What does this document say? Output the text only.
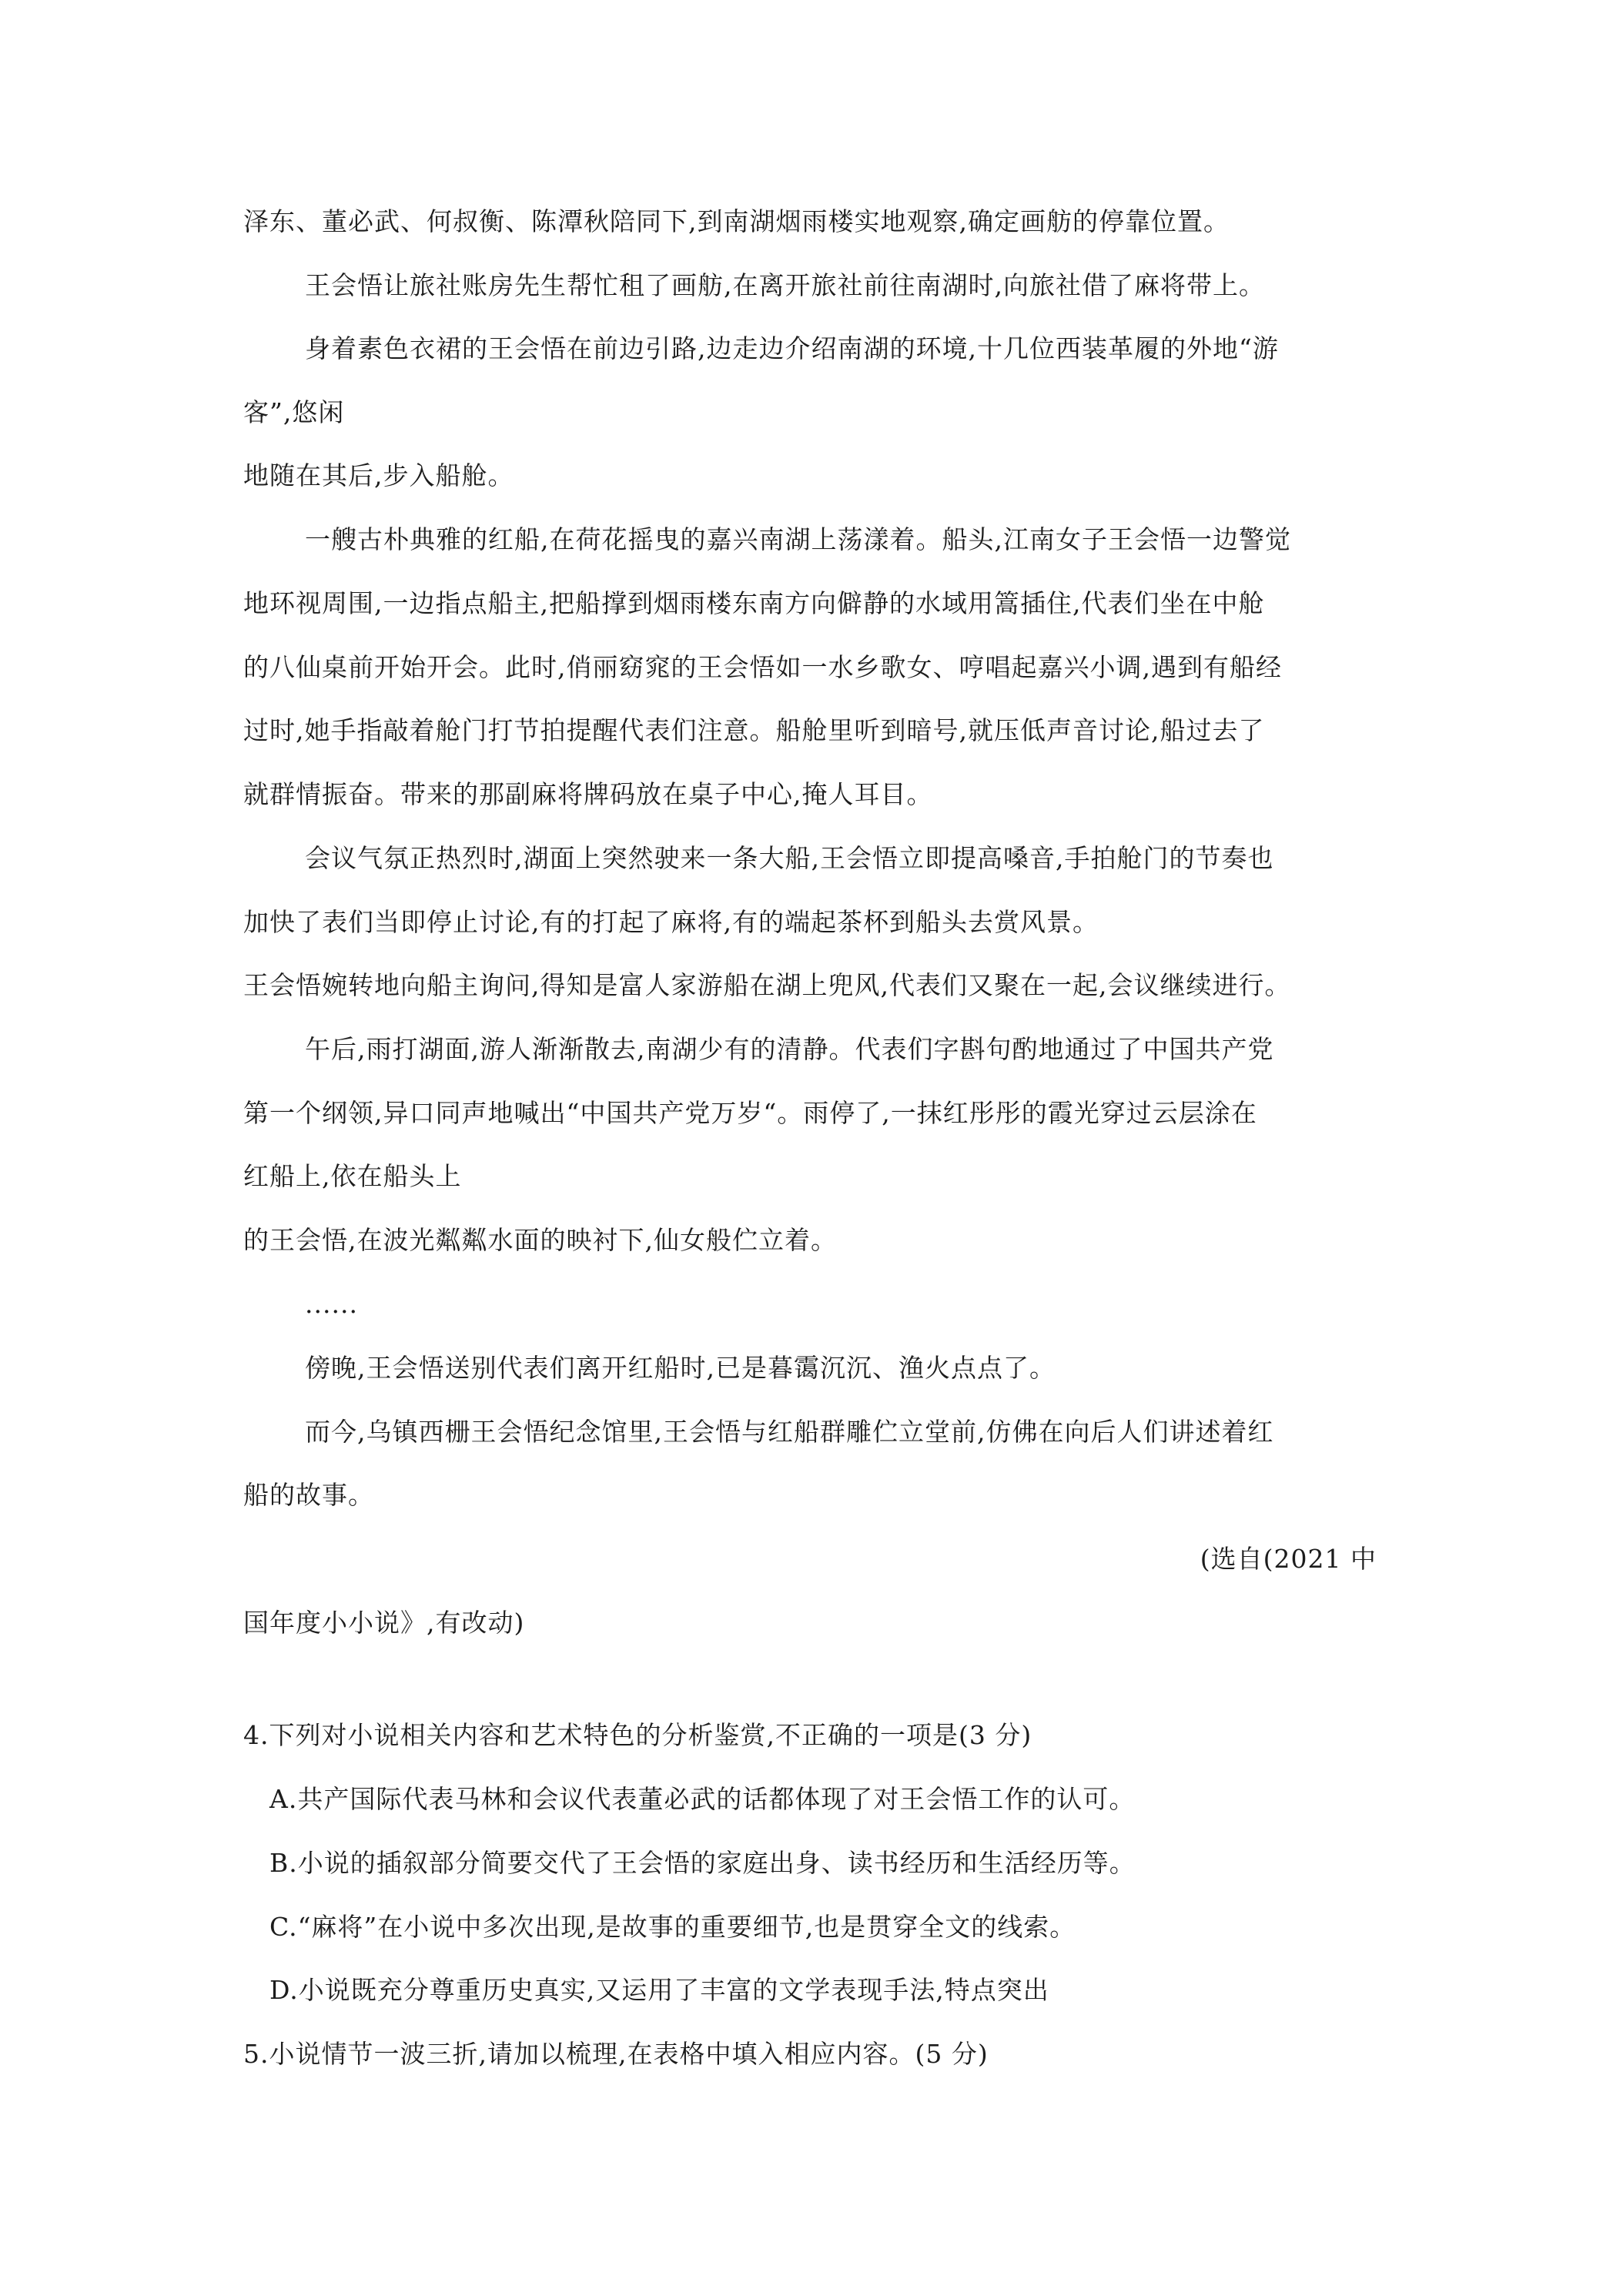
泽东、董必武、何叔衡、陈潭秋陪同下,到南湖烟雨楼实地观察,确定画舫的停靠位置。
王会悟让旅社账房先生帮忙租了画舫,在离开旅社前往南湖时,向旅社借了麻将带上。
身着素色衣裙的王会悟在前边引路,边走边介绍南湖的环境,十几位西装革履的外地“游
客”,悠闲
地随在其后,步入船舱。
一艘古朴典雅的红船,在荷花摇曳的嘉兴南湖上荡漾着。船头,江南女子王会悟一边警觉
地环视周围,一边指点船主,把船撑到烟雨楼东南方向僻静的水域用篙插住,代表们坐在中舱
的八仙桌前开始开会。此时,俏丽窈窕的王会悟如一水乡歌女、哼唱起嘉兴小调,遇到有船经
过时,她手指敲着舱门打节拍提醒代表们注意。船舱里听到暗号,就压低声音讨论,船过去了
就群情振奋。带来的那副麻将牌码放在桌子中心,掩人耳目。
会议气氛正热烈时,湖面上突然驶来一条大船,王会悟立即提高嗓音,手拍舱门的节奏也
加快了表们当即停止讨论,有的打起了麻将,有的端起茶杯到船头去赏风景。
王会悟婉转地向船主询问,得知是富人家游船在湖上兜风,代表们又聚在一起,会议继续进行。
午后,雨打湖面,游人渐渐散去,南湖少有的清静。代表们字斟句酌地通过了中国共产党
第一个纲领,异口同声地喊出“中国共产党万岁“。雨停了,一抹红彤彤的霞光穿过云层涂在
红船上,依在船头上
的王会悟,在波光粼粼水面的映衬下,仙女般伫立着。
......
傍晚,王会悟送别代表们离开红船时,已是暮霭沉沉、渔火点点了。
而今,乌镇西栅王会悟纪念馆里,王会悟与红船群雕伫立堂前,仿佛在向后人们讲述着红
船的故事。
(选自(2021 中
国年度小小说》,有改动)
4.下列对小说相关内容和艺术特色的分析鉴赏,不正确的一项是(3 分)
A.共产国际代表马林和会议代表董必武的话都体现了对王会悟工作的认可。
B.小说的插叙部分简要交代了王会悟的家庭出身、读书经历和生活经历等。
C.“麻将”在小说中多次出现,是故事的重要细节,也是贯穿全文的线索。
D.小说既充分尊重历史真实,又运用了丰富的文学表现手法,特点突出
5.小说情节一波三折,请加以梳理,在表格中填入相应内容。(5 分)
